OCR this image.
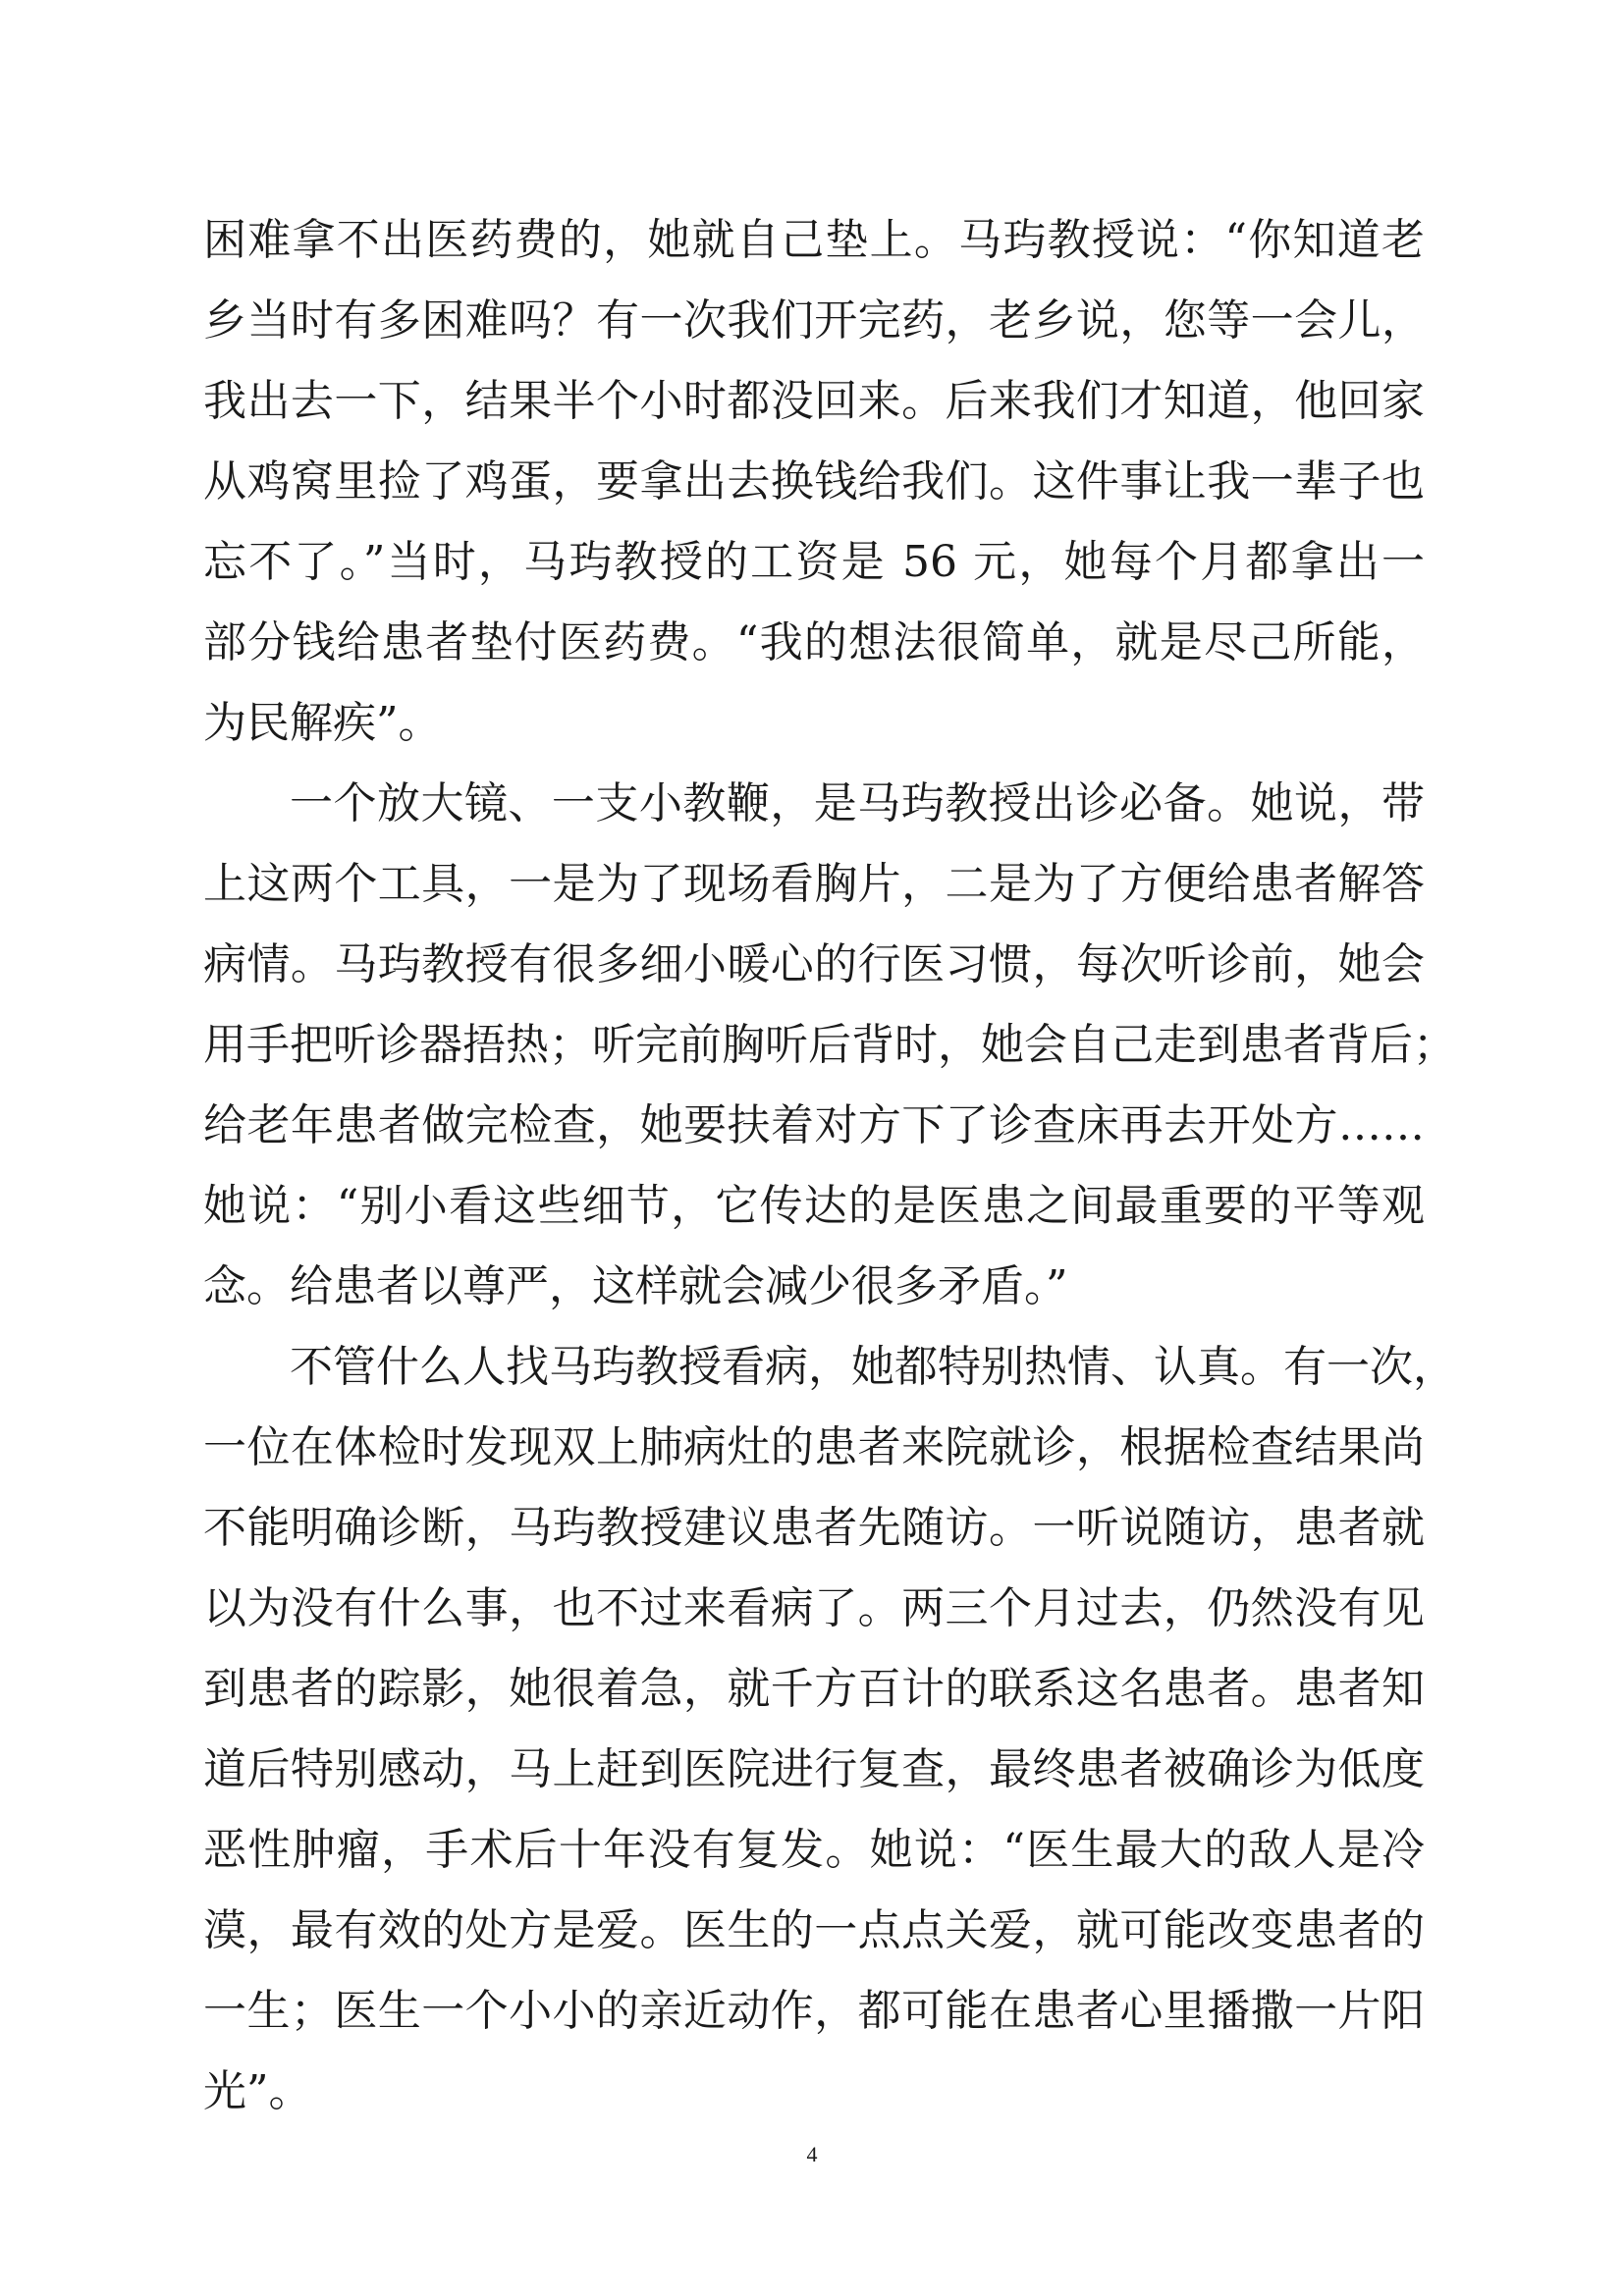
困难拿不出医药费的，她就自己垫上。马玙教授说：“你知道老
乡当时有多困难吗？有一次我们开完药，老乡说，您等一会儿，
我出去一下，结果半个小时都没回来。后来我们才知道，他回家
从鸡窝里捡了鸡蛋，要拿出去换钱给我们。这件事让我一辈子也
忘不了。”当时，马玙教授的工资是 56 元，她每个月都拿出一
部分钱给患者垫付医药费。“我的想法很简单，就是尽己所能，
为民解疾”。
一个放大镜、一支小教鞭，是马玙教授出诊必备。她说，带
上这两个工具，一是为了现场看胸片，二是为了方便给患者解答
病情。马玙教授有很多细小暖心的行医习惯，每次听诊前，她会
用手把听诊器捂热；听完前胸听后背时，她会自己走到患者背后；
给老年患者做完检查，她要扶着对方下了诊查床再去开处方……
她说：“别小看这些细节，它传达的是医患之间最重要的平等观
念。给患者以尊严，这样就会减少很多矛盾。”
不管什么人找马玙教授看病，她都特别热情、认真。有一次，
一位在体检时发现双上肺病灶的患者来院就诊，根据检查结果尚
不能明确诊断，马玙教授建议患者先随访。一听说随访，患者就
以为没有什么事，也不过来看病了。两三个月过去，仍然没有见
到患者的踪影，她很着急，就千方百计的联系这名患者。患者知
道后特别感动，马上赶到医院进行复查，最终患者被确诊为低度
恶性肿瘤，手术后十年没有复发。她说：“医生最大的敌人是冷
漠，最有效的处方是爱。医生的一点点关爱，就可能改变患者的
一生；医生一个小小的亲近动作，都可能在患者心里播撒一片阳
光”。
4
